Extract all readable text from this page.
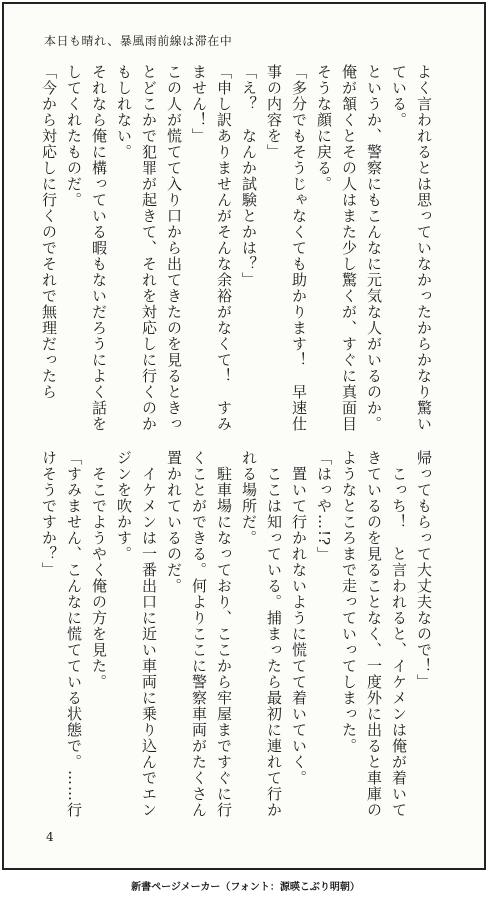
本日も晴れ、暴風雨前線は滞在中
よく言われるとは思っていなかったからかなり驚いている。
というか、警察にもこんなに元気な人がいるのか。
俺が頷くとその人はまた少し驚くが、すぐに真面目そうな顔に戻る。
「多分でもそうじゃなくても助かります！　早速仕事の内容を」
「え？　なんか試験とかは？」
「申し訳ありませんがそんな余裕がなくて！　すみません！」
この人が慌てて入り口から出てきたのを見るときっとどこかで犯罪が起きて、それを対応しに行くのかもしれない。
それなら俺に構っている暇もないだろうによく話をしてくれたものだ。
「今から対応しに行くのでそれで無理だったら
帰ってもらって大丈夫なので！」
　こっち！　と言われると、イケメンは俺が着いてきているのを見ることなく、一度外に出ると車庫のようなところまで走っていってしまった。
「はっや…!?」
　置いて行かれないように慌てて着いていく。
　ここは知っている。捕まったら最初に連れて行かれる場所だ。
　駐車場になっており、ここから牢屋まですぐに行くことができる。何よりここに警察車両がたくさん置かれているのだ。
　イケメンは一番出口に近い車両に乗り込んでエンジンを吹かす。
　そこでようやく俺の方を見た。
「すみません、こんなに慌てている状態で。……行けそうですか？」
4
新書ページメーカー（フォント：源暎こぶり明朝）
